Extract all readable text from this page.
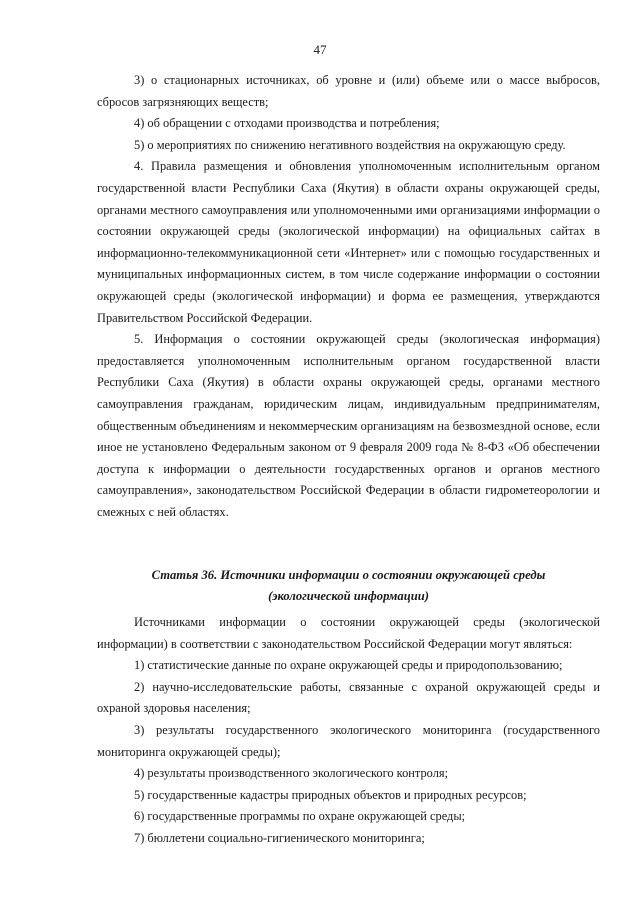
47

3) о стационарных источниках, об уровне и (или) объеме или о массе выбросов, сбросов загрязняющих веществ;

4) об обращении с отходами производства и потребления;

5) о мероприятиях по снижению негативного воздействия на окружающую среду.

4. Правила размещения и обновления уполномоченным исполнительным органом государственной власти Республики Саха (Якутия) в области охраны окружающей среды, органами местного самоуправления или уполномоченными ими организациями информации о состоянии окружающей среды (экологической информации) на официальных сайтах в информационно-телекоммуникационной сети «Интернет» или с помощью государственных и муниципальных информационных систем, в том числе содержание информации о состоянии окружающей среды (экологической информации) и форма ее размещения, утверждаются Правительством Российской Федерации.

5. Информация о состоянии окружающей среды (экологическая информация) предоставляется уполномоченным исполнительным органом государственной власти Республики Саха (Якутия) в области охраны окружающей среды, органами местного самоуправления гражданам, юридическим лицам, индивидуальным предпринимателям, общественным объединениям и некоммерческим организациям на безвозмездной основе, если иное не установлено Федеральным законом от 9 февраля 2009 года № 8-ФЗ «Об обеспечении доступа к информации о деятельности государственных органов и органов местного самоуправления», законодательством Российской Федерации в области гидрометеорологии и смежных с ней областях.

Статья 36. Источники информации о состоянии окружающей среды
(экологической информации)

Источниками информации о состоянии окружающей среды (экологической информации) в соответствии с законодательством Российской Федерации могут являться:

1) статистические данные по охране окружающей среды и природопользованию;

2) научно-исследовательские работы, связанные с охраной окружающей среды и охраной здоровья населения;

3) результаты государственного экологического мониторинга (государственного мониторинга окружающей среды);

4) результаты производственного экологического контроля;

5) государственные кадастры природных объектов и природных ресурсов;

6) государственные программы по охране окружающей среды;

7) бюллетени социально-гигиенического мониторинга;
